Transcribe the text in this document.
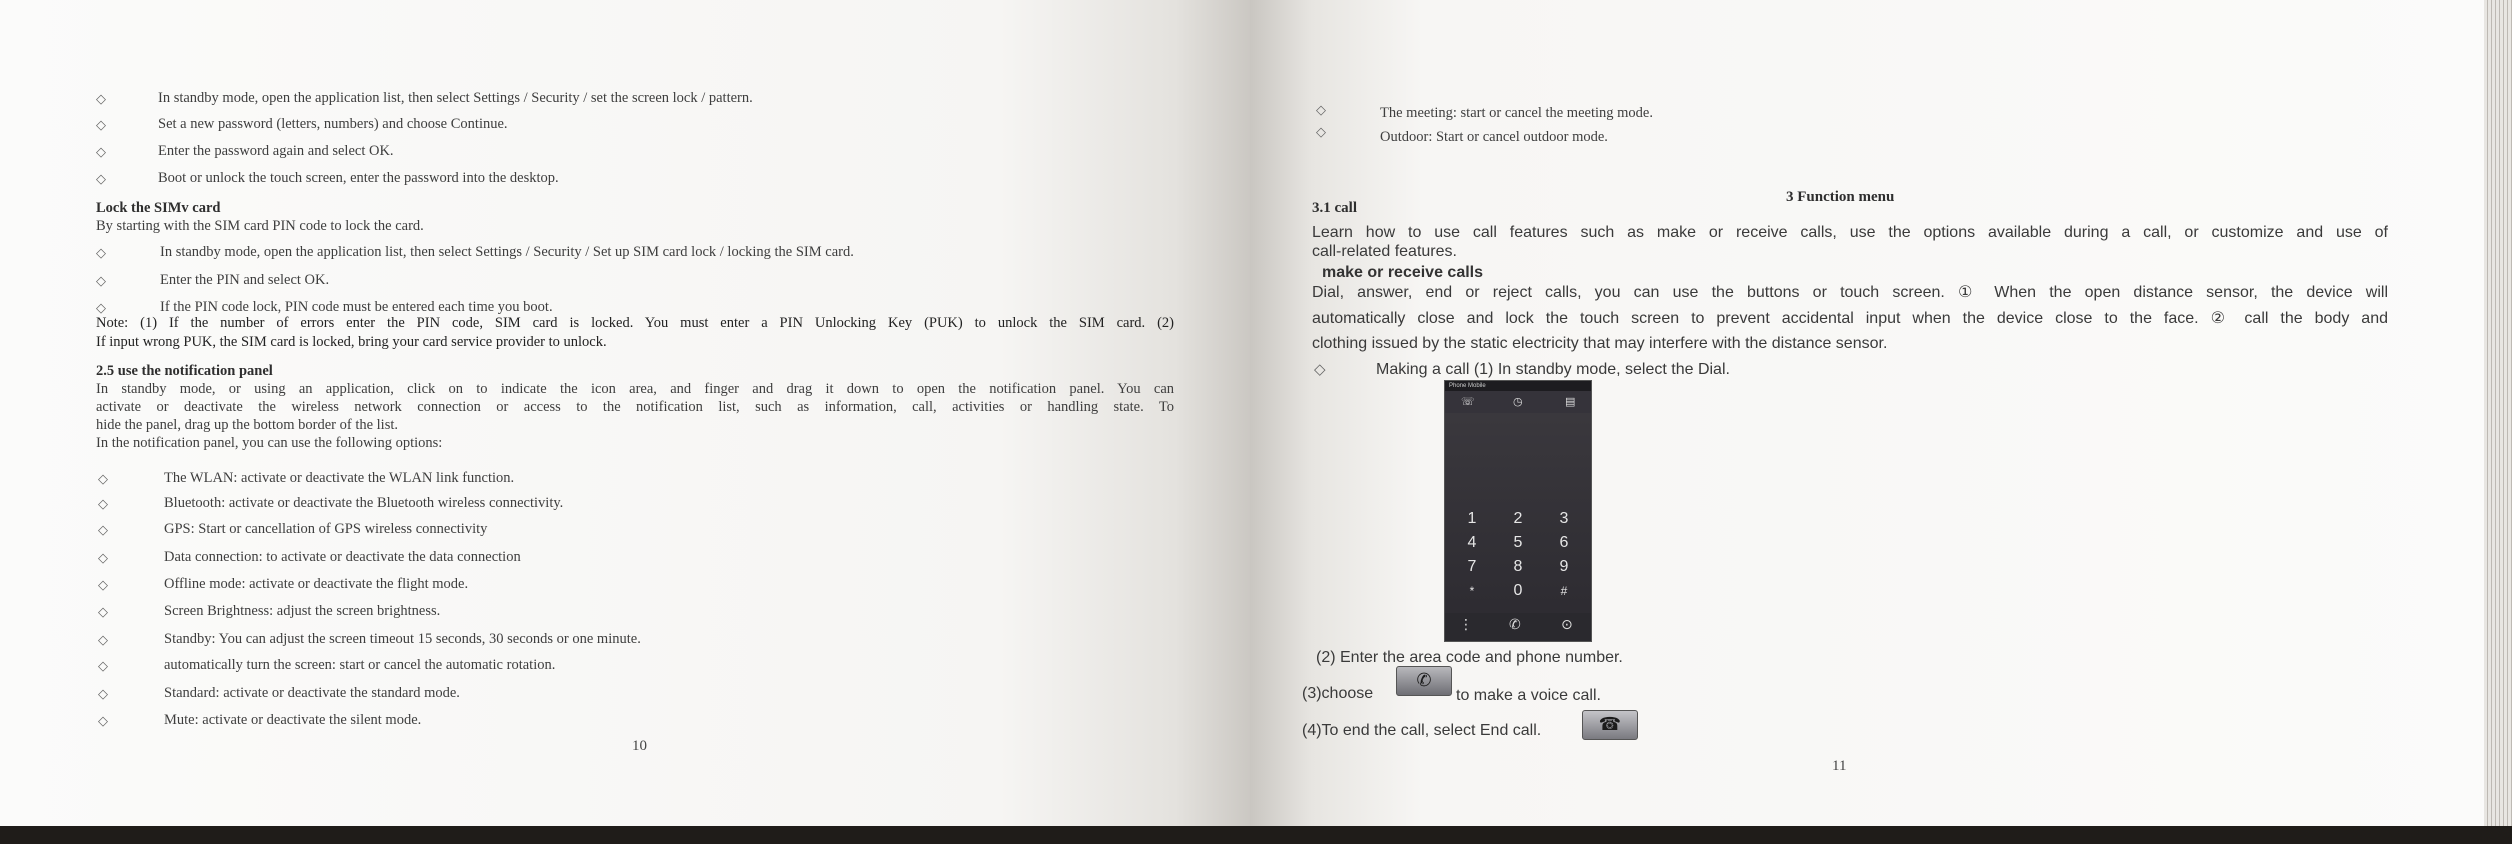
◇	In standby mode, open the application list, then select Settings / Security / set the screen lock / pattern.
◇	Set a new password (letters, numbers) and choose Continue.
◇	Enter the password again and select OK.
◇	Boot or unlock the touch screen, enter the password into the desktop.
Lock the SIMv card
By starting with the SIM card PIN code to lock the card.
◇	In standby mode, open the application list, then select Settings / Security / Set up SIM card lock / locking the SIM card.
◇	Enter the PIN and select OK.
◇	If the PIN code lock, PIN code must be entered each time you boot.
Note: (1) If the number of errors enter the PIN code, SIM card is locked. You must enter a PIN Unlocking Key (PUK) to unlock the SIM card. (2)
If input wrong PUK, the SIM card is locked, bring your card service provider to unlock.
2.5 use the notification panel
In standby mode, or using an application, click on to indicate the icon area, and finger and drag it down to open the notification panel. You can
activate or deactivate the wireless network connection or access to the notification list, such as information, call, activities or handling state. To
hide the panel, drag up the bottom border of the list.
In the notification panel, you can use the following options:
◇	The WLAN: activate or deactivate the WLAN link function.
◇	Bluetooth: activate or deactivate the Bluetooth wireless connectivity.
◇	GPS: Start or cancellation of GPS wireless connectivity
◇	Data connection: to activate or deactivate the data connection
◇	Offline mode: activate or deactivate the flight mode.
◇	Screen Brightness: adjust the screen brightness.
◇	Standby: You can adjust the screen timeout 15 seconds, 30 seconds or one minute.
◇	automatically turn the screen: start or cancel the automatic rotation.
◇	Standard: activate or deactivate the standard mode.
◇	Mute: activate or deactivate the silent mode.
10
◇	The meeting: start or cancel the meeting mode.
◇	Outdoor: Start or cancel outdoor mode.
3 Function menu
3.1 call
Learn how to use call features such as make or receive calls, use the options available during a call, or customize and use of
call-related features.
make or receive calls
Dial, answer, end or reject calls, you can use the buttons or touch screen. ① When the open distance sensor, the device will
automatically close and lock the touch screen to prevent accidental input when the device close to the face. ② call the body and
clothing issued by the static electricity that may interfere with the distance sensor.
◇	Making a call (1) In standby mode, select the Dial.
Phone Mobile
☏	◷	▤
1	2	3
4	5	6
7	8	9
*	0	#
⋮	✆	⊙
(2) Enter the area code and phone number.
(3)choose
✆
to make a voice call.
(4)To end the call, select End call.	☎
11
